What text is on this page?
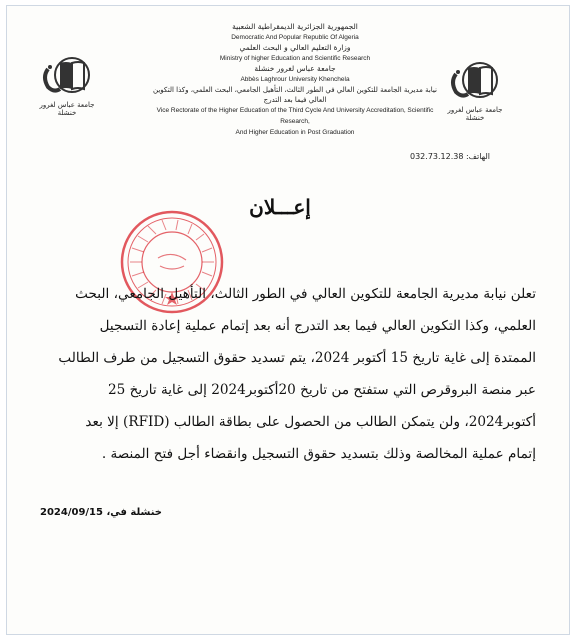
جامعة عباس لغرور خنشلة	جامعة عباس لغرور خنشلة
الجمهورية الجزائرية الديمقراطية الشعبية
Democratic And Popular Republic Of Algeria
وزارة التعليم العالي و البحث العلمي
Ministry of higher Education and Scientific Research
جامعة عباس لغرور خنشلة
Abbès Laghrour University Khenchela
نيابة مديرية الجامعة للتكوين العالي في الطور الثالث، التأهيل الجامعي، البحث العلمي، وكذا التكوين العالي فيما بعد التدرج
Vice Rectorate of the Higher Education of the Third Cycle And University Accreditation, Scientific Research,
And Higher Education in Post Graduation
الهاتف: 032.73.12.38
إعـــلان
تعلن نيابة مديرية الجامعة للتكوين العالي في الطور الثالث، التأهيل الجامعي، البحث
العلمي، وكذا التكوين العالي فيما بعد التدرج أنه بعد إتمام عملية إعادة التسجيل
الممتدة إلى غاية تاريخ 15 أكتوبر 2024، يتم تسديد حقوق التسجيل من طرف الطالب
عبر منصة البروقرص التي ستفتح من تاريخ 20أكتوبر2024 إلى غاية تاريخ 25
أكتوبر2024، ولن يتمكن الطالب من الحصول على بطاقة الطالب (RFID) إلا بعد
إتمام عملية المخالصة وذلك بتسديد حقوق التسجيل وانقضاء أجل فتح المنصة .
خنشلة في، 2024/09/15
